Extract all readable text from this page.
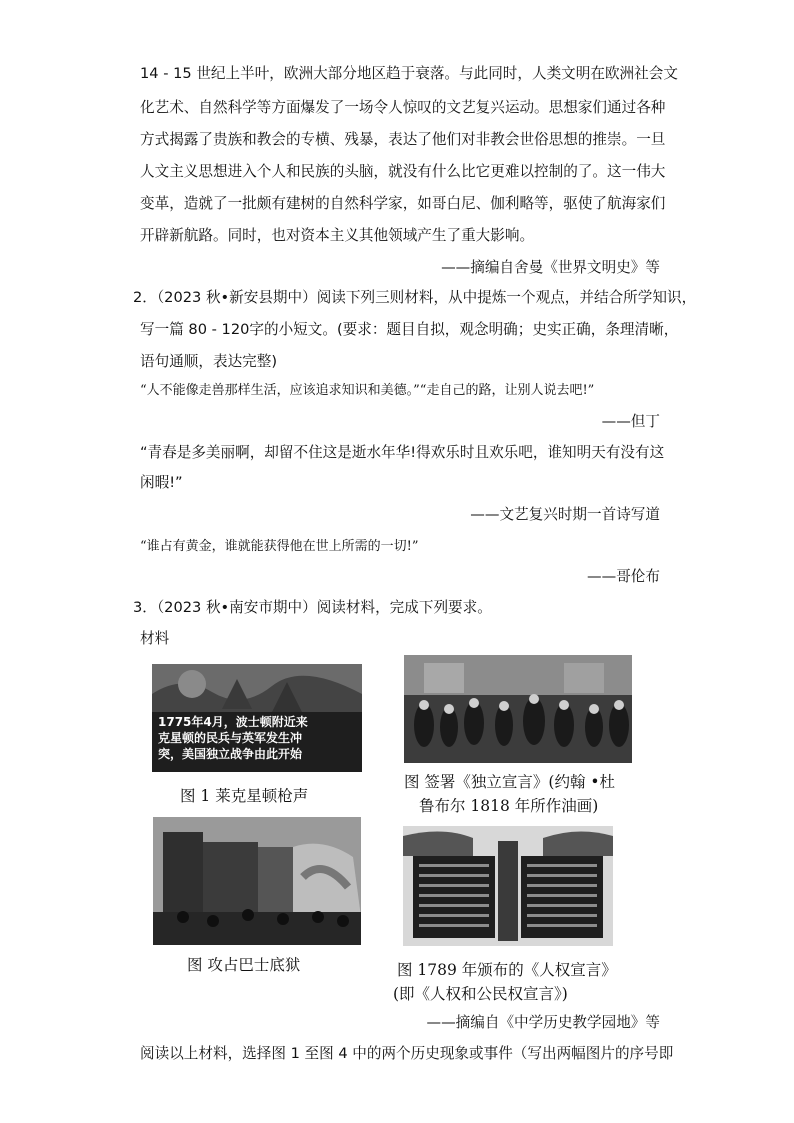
14 - 15 世纪上半叶，欧洲大部分地区趋于衰落。与此同时，人类文明在欧洲社会文
化艺术、自然科学等方面爆发了一场令人惊叹的文艺复兴运动。思想家们通过各种
方式揭露了贵族和教会的专横、残暴，表达了他们对非教会世俗思想的推崇。一旦
人文主义思想进入个人和民族的头脑，就没有什么比它更难以控制的了。这一伟大
变革，造就了一批颇有建树的自然科学家，如哥白尼、伽利略等，驱使了航海家们
开辟新航路。同时，也对资本主义其他领域产生了重大影响。
——摘编自舍曼《世界文明史》等
2．（2023 秋•新安县期中）阅读下列三则材料，从中提炼一个观点，并结合所学知识，
写一篇 80 - 120字的小短文。(要求：题目自拟，观念明确；史实正确，条理清晰，
语句通顺，表达完整)
“人不能像走兽那样生活，应该追求知识和美德。”“走自己的路，让别人说去吧!”
——但丁
“青春是多美丽啊，却留不住这是逝水年华!得欢乐时且欢乐吧，谁知明天有没有这
闲暇!”
——文艺复兴时期一首诗写道
“谁占有黄金，谁就能获得他在世上所需的一切!”
——哥伦布
3．（2023 秋•南安市期中）阅读材料，完成下列要求。
材料
1775年4月，波士顿附近来
克星顿的民兵与英军发生冲
突，美国独立战争由此开始
图 1 莱克星顿枪声
图 签署《独立宣言》(约翰 •杜
鲁布尔 1818 年所作油画)
图 攻占巴士底狱	图 1789 年颁布的《人权宣言》
(即《人权和公民权宣言》)
——摘编自《中学历史教学园地》等
阅读以上材料，选择图 1 至图 4 中的两个历史现象或事件（写出两幅图片的序号即
